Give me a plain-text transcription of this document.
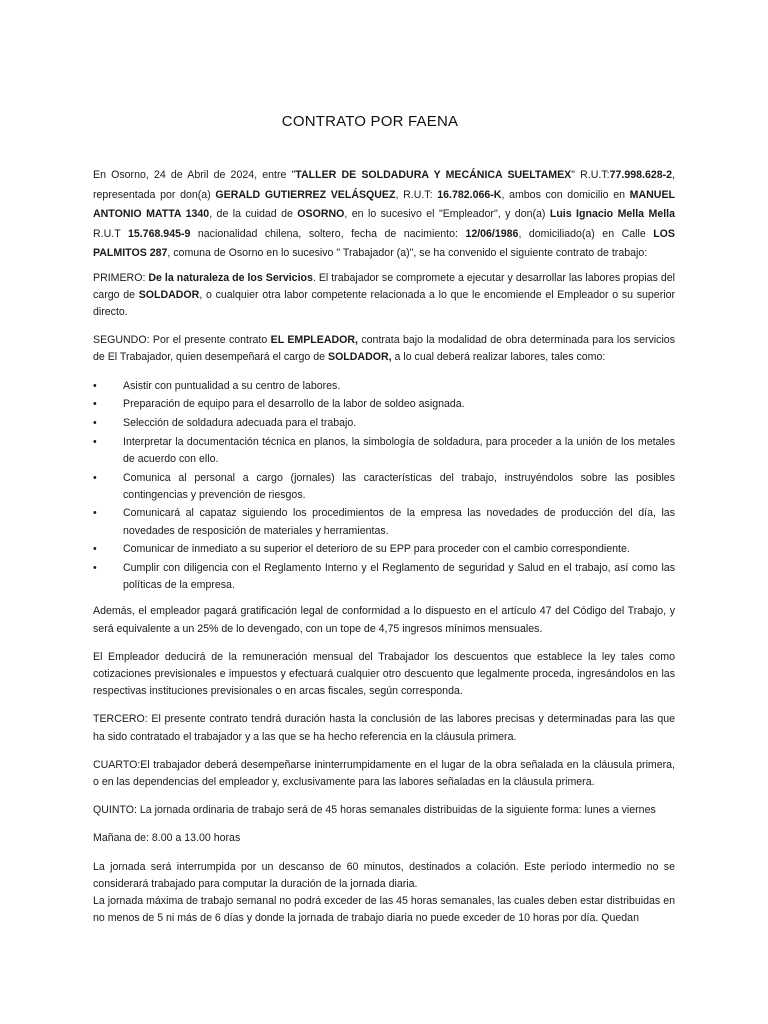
CONTRATO POR FAENA

En Osorno, 24 de Abril de 2024, entre "TALLER DE SOLDADURA Y MECÁNICA SUELTAMEX" R.U.T:77.998.628-2, representada por don(a) GERALD GUTIERREZ VELÁSQUEZ, R.U.T: 16.782.066-K, ambos con domicilio en MANUEL ANTONIO MATTA 1340, de la cuidad de OSORNO, en lo sucesivo el "Empleador", y don(a) Luis Ignacio Mella Mella R.U.T 15.768.945-9 nacionalidad chilena, soltero, fecha de nacimiento: 12/06/1986, domiciliado(a) en Calle LOS PALMITOS 287, comuna de Osorno en lo sucesivo " Trabajador (a)", se ha convenido el siguiente contrato de trabajo:

PRIMERO: De la naturaleza de los Servicios. El trabajador se compromete a ejecutar y desarrollar las labores propias del cargo de SOLDADOR, o cualquier otra labor competente relacionada a lo que le encomiende el Empleador o su superior directo.

SEGUNDO: Por el presente contrato EL EMPLEADOR, contrata bajo la modalidad de obra determinada para los servicios de El Trabajador, quien desempeñará el cargo de SOLDADOR, a lo cual deberá realizar labores, tales como:

•	Asistir con puntualidad a su centro de labores.
•	Preparación de equipo para el desarrollo de la labor de soldeo asignada.
•	Selección de soldadura adecuada para el trabajo.
•	Interpretar la documentación técnica en planos, la simbología de soldadura, para proceder a la unión de los metales de acuerdo con ello.
•	Comunica al personal a cargo (jornales) las características del trabajo, instruyéndolos sobre las posibles contingencias y prevención de riesgos.
•	Comunicará al capataz siguiendo los procedimientos de la empresa las novedades de producción del día, las novedades de resposición de materiales y herramientas.
•	Comunicar de inmediato a su superior el deterioro de su EPP para proceder con el cambio correspondiente.
•	Cumplir con diligencia con el Reglamento Interno y el Reglamento de seguridad y Salud en el trabajo, así como las políticas de la empresa.

Además, el empleador pagará gratificación legal de conformidad a lo dispuesto en el artículo 47 del Código del Trabajo, y será equivalente a un 25% de lo devengado, con un tope de 4,75 ingresos mínimos mensuales.

El Empleador deducirá de la remuneración mensual del Trabajador los descuentos que establece la ley tales como cotizaciones previsionales e impuestos y efectuará cualquier otro descuento que legalmente proceda, ingresándolos en las respectivas instituciones previsionales o en arcas fiscales, según corresponda.

TERCERO: El presente contrato tendrá duración hasta la conclusión de las labores precisas y determinadas para las que ha sido contratado el trabajador y a las que se ha hecho referencia en la cláusula primera.

CUARTO:El trabajador deberá desempeñarse ininterrumpidamente en el lugar de la obra señalada en la cláusula primera, o en las dependencias del empleador y, exclusivamente para las labores señaladas en la cláusula primera.

QUINTO: La jornada ordinaria de trabajo será de 45 horas semanales distribuidas de la siguiente forma: lunes a viernes

Mañana de: 8.00 a 13.00 horas

La jornada será interrumpida por un descanso de 60 minutos, destinados a colación. Este período intermedio no se considerará trabajado para computar la duración de la jornada diaria.

La jornada máxima de trabajo semanal no podrá exceder de las 45 horas semanales, las cuales deben estar distribuidas en no menos de 5 ni más de 6 días y donde la jornada de trabajo diaria no puede exceder de 10 horas por día. Quedan
